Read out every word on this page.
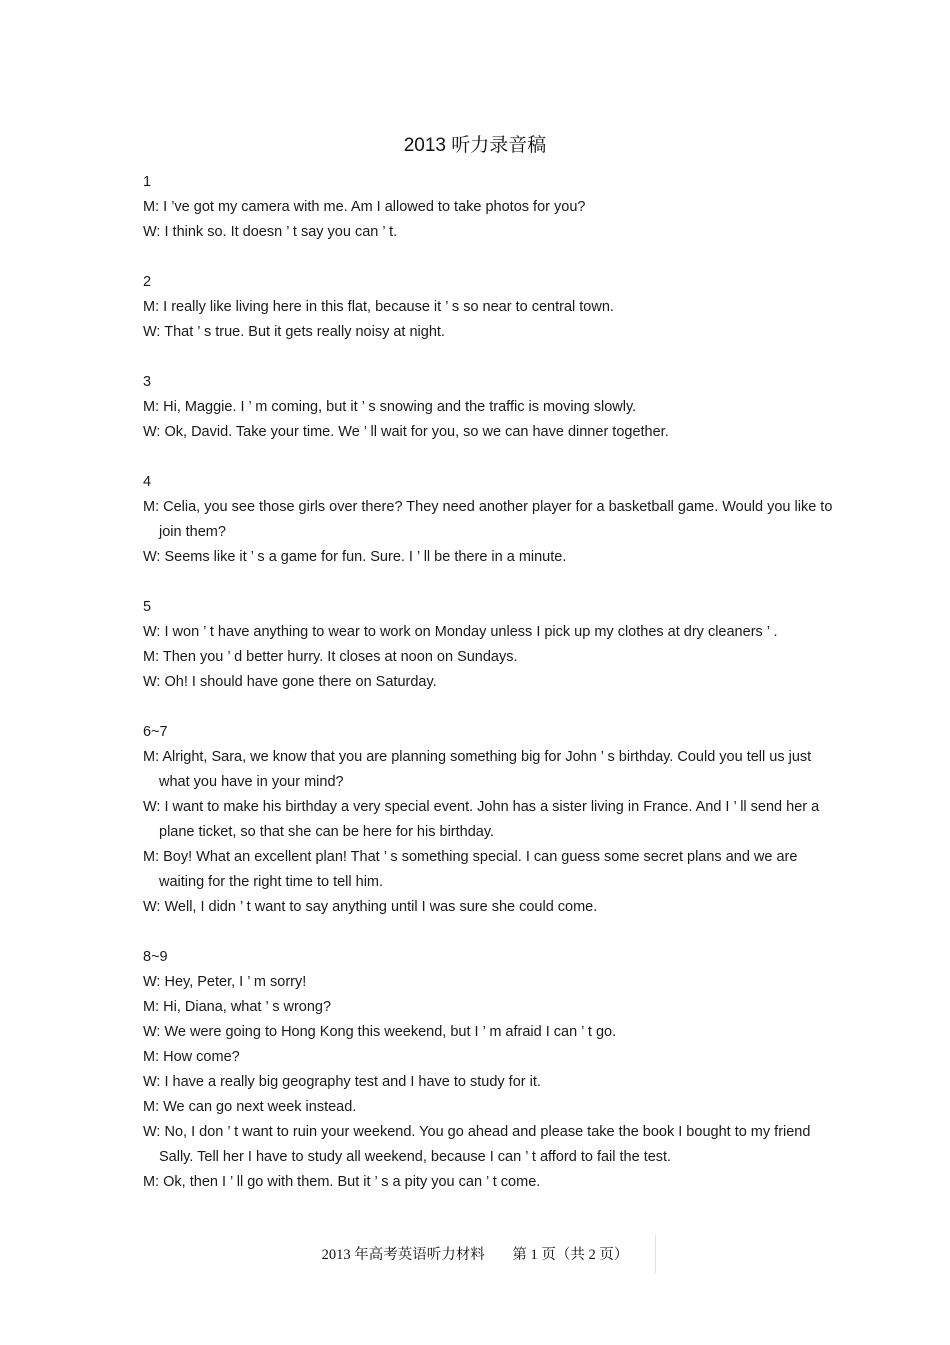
2013 听力录音稿
1
M: I ’ve got my camera with me. Am I allowed to take photos for you?
W: I think so. It doesn ’ t say you can ’ t.
2
M: I really like living here in this flat, because it ’ s so near to central town.
W: That ’ s true. But it gets really noisy at night.
3
M: Hi, Maggie. I ’ m coming, but it ’ s snowing and the traffic is moving slowly.
W: Ok, David. Take your time. We ’ ll wait for you, so we can have dinner together.
4
M: Celia, you see those girls over there? They need another player for a basketball game. Would you like to join them?
W: Seems like it ’ s a game for fun. Sure. I ’ ll be there in a minute.
5
W: I won ’ t have anything to wear to work on Monday unless I pick up my clothes at dry cleaners ’ .
M: Then you ’ d better hurry. It closes at noon on Sundays.
W: Oh! I should have gone there on Saturday.
6~7
M: Alright, Sara, we know that you are planning something big for John ’ s birthday. Could you tell us just what you have in your mind?
W: I want to make his birthday a very special event. John has a sister living in France. And I ’ ll send her a plane ticket, so that she can be here for his birthday.
M: Boy! What an excellent plan! That ’ s something special. I can guess some secret plans and we are waiting for the right time to tell him.
W: Well, I didn ’ t want to say anything until I was sure she could come.
8~9
W: Hey, Peter, I ’ m sorry!
M: Hi, Diana, what ’ s wrong?
W: We were going to Hong Kong this weekend, but I ’ m afraid I can ’ t go.
M: How come?
W: I have a really big geography test and I have to study for it.
M: We can go next week instead.
W: No, I don ’ t want to ruin your weekend. You go ahead and please take the book I bought to my friend Sally. Tell her I have to study all weekend, because I can ’ t afford to fail the test.
M: Ok, then I ’ ll go with them. But it ’ s a pity you can ’ t come.
2013 年高考英语听力材料 第 1 页（共 2 页）
